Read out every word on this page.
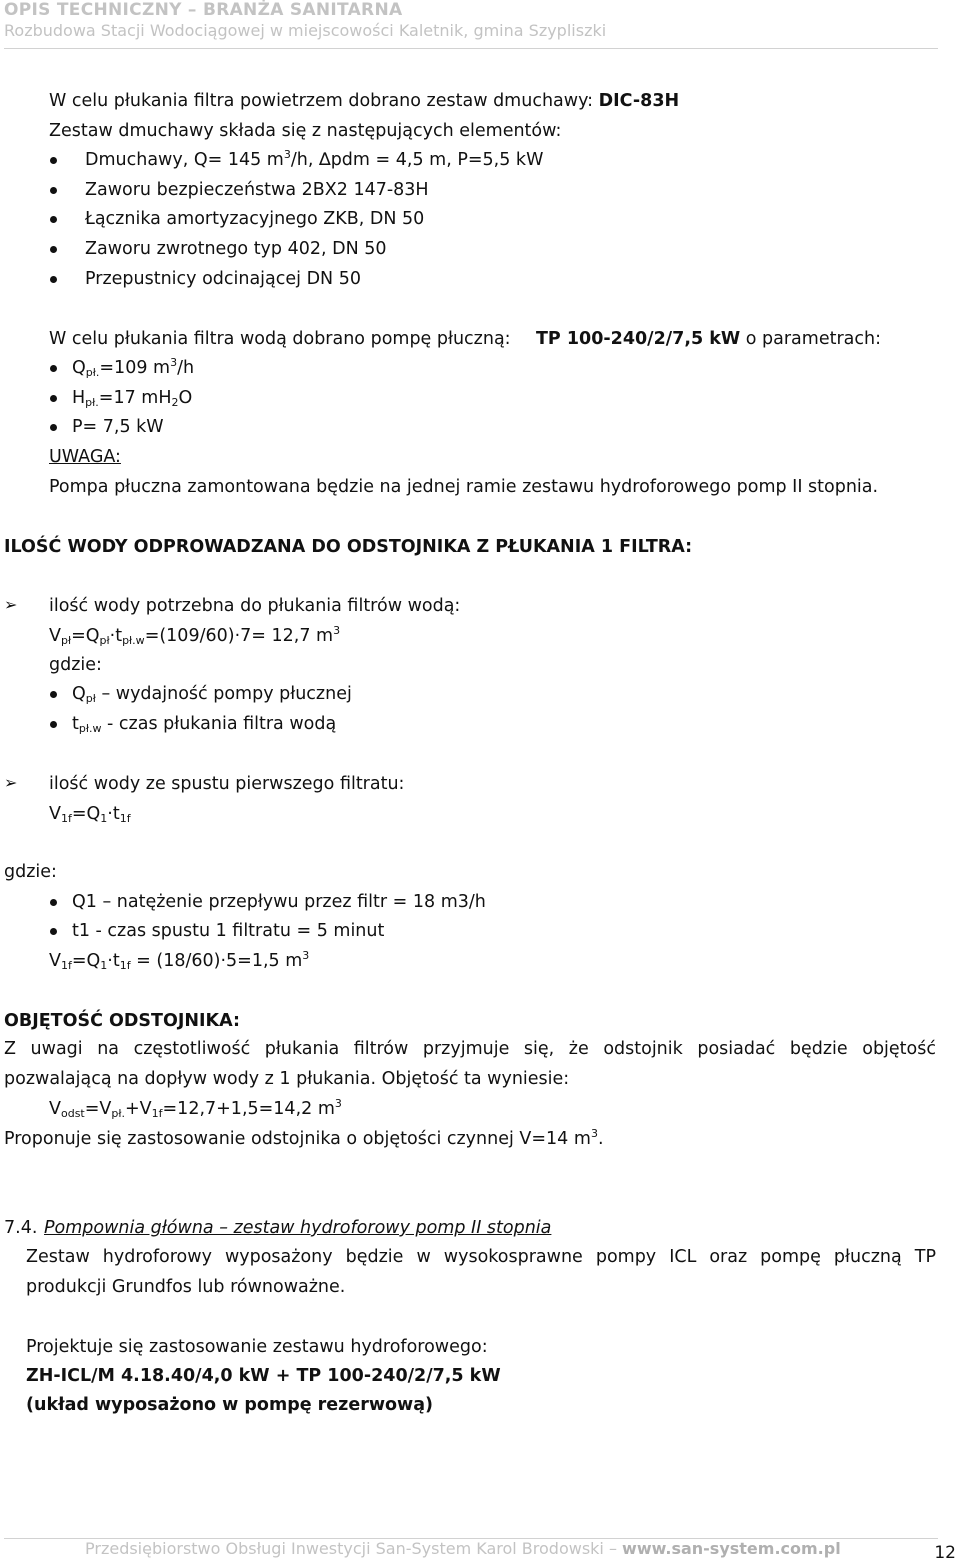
OPIS TECHNICZNY – BRANŻA SANITARNA
Rozbudowa Stacji Wodociągowej w miejscowości Kaletnik, gmina Szypliszki
W celu płukania filtra powietrzem dobrano zestaw dmuchawy: DIC-83H
Zestaw dmuchawy składa się z następujących elementów:
Dmuchawy, Q= 145 $m^3/h$, ∆pdm = 4,5 m, P=5,5 kW
Zaworu bezpieczeństwa 2BX2 147-83H
Łącznika amortyzacyjnego ZKB, DN 50
Zaworu zwrotnego typ 402, DN 50
Przepustnicy odcinającej DN 50
W celu płukania filtra wodą dobrano pompę płuczną: TP 100-240/2/7,5 kW o parametrach:
$Q_{pł.}=109$ $m^3/h$
$H_{pł.}=17$ $mH_2O$
P= 7,5 kW
UWAGA:
Pompa płuczna zamontowana będzie na jednej ramie zestawu hydroforowego pomp II stopnia.
ILOŚĆ WODY ODPROWADZANA DO ODSTOJNIKA Z PŁUKANIA 1 FILTRA:
➢ ilość wody potrzebna do płukania filtrów wodą:
$V_{pł}=Q_{pł}\cdot t_{pł.w}=(109/60)\cdot 7= 12,7$ $m^3$
gdzie:
$Q_{pł}$ – wydajność pompy płucznej
$t_{pł.w}$ - czas płukania filtra wodą
➢ ilość wody ze spustu pierwszego filtratu:
$V_{1f}=Q_1\cdot t_{1f}$
gdzie:
Q1 – natężenie przepływu przez filtr = 18 m3/h
t1 - czas spustu 1 filtratu = 5 minut
$V_{1f}=Q_1\cdot t_{1f} = (18/60)\cdot 5=1,5$ $m^3$
OBJĘTOŚĆ ODSTOJNIKA:
Z uwagi na częstotliwość płukania filtrów przyjmuje się, że odstojnik posiadać będzie objętość pozwalającą na dopływ wody z 1 płukania. Objętość ta wyniesie:
$V_{odst}=V_{pł.}+V_{1f}=12,7+1,5=14,2$ $m^3$
Proponuje się zastosowanie odstojnika o objętości czynnej V=14 $m^3$.
7.4. Pompownia główna – zestaw hydroforowy pomp II stopnia
Zestaw hydroforowy wyposażony będzie w wysokosprawne pompy ICL oraz pompę płuczną TP produkcji Grundfos lub równoważne.
Projektuje się zastosowanie zestawu hydroforowego:
ZH-ICL/M 4.18.40/4,0 kW + TP 100-240/2/7,5 kW
(układ wyposażono w pompę rezerwową)
Przedsiębiorstwo Obsługi Inwestycji San-System Karol Brodowski – www.san-system.com.pl	12
